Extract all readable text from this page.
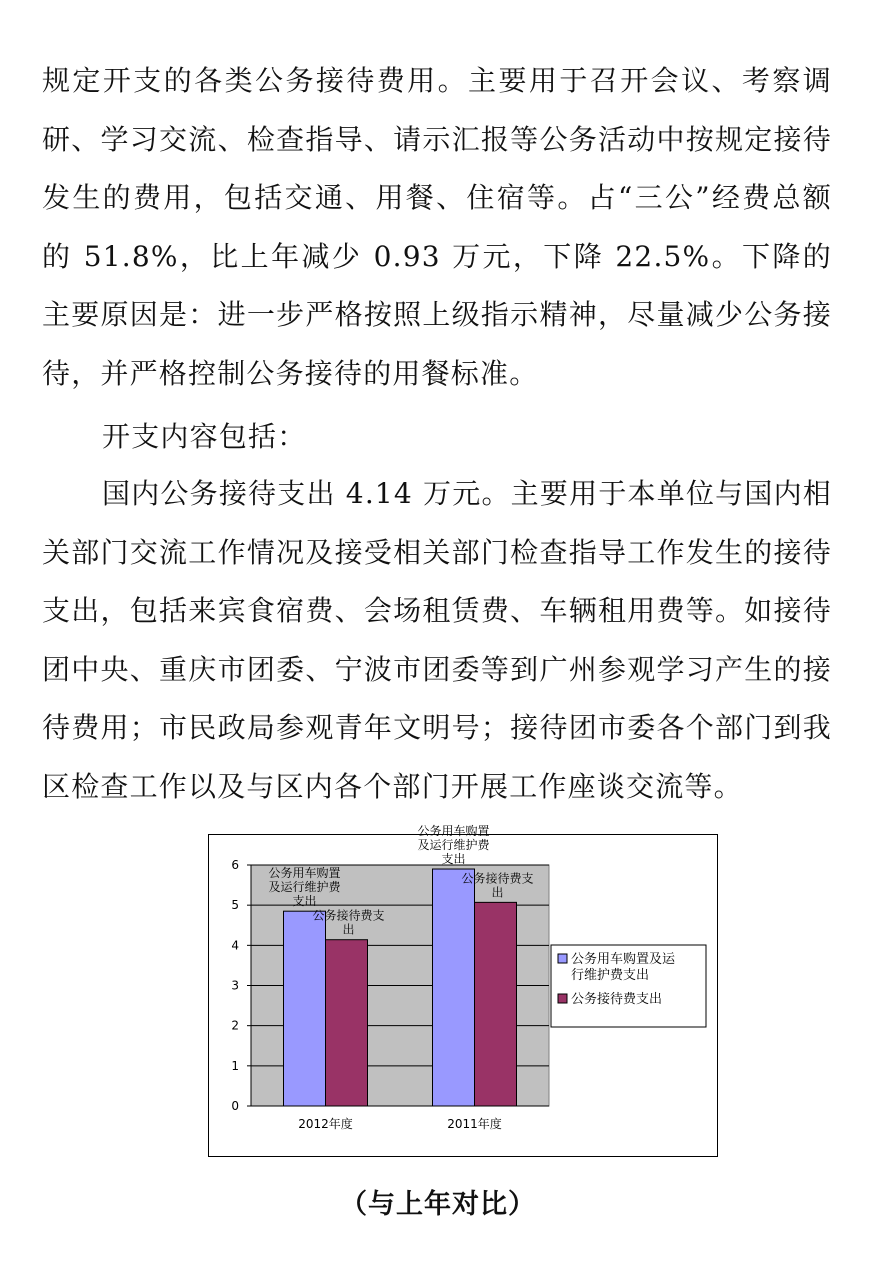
规定开支的各类公务接待费用。主要用于召开会议、考察调研、学习交流、检查指导、请示汇报等公务活动中按规定接待发生的费用，包括交通、用餐、住宿等。占“三公”经费总额的 51.8%，比上年减少 0.93 万元，下降 22.5%。下降的主要原因是：进一步严格按照上级指示精神，尽量减少公务接待，并严格控制公务接待的用餐标准。

开支内容包括：

国内公务接待支出 4.14 万元。主要用于本单位与国内相关部门交流工作情况及接受相关部门检查指导工作发生的接待支出，包括来宾食宿费、会场租赁费、车辆租用费等。如接待团中央、重庆市团委、宁波市团委等到广州参观学习产生的接待费用；市民政局参观青年文明号；接待团市委各个部门到我区检查工作以及与区内各个部门开展工作座谈交流等。

0
1
2
3
4
5
6
公务用车购置
及运行维护费
支出
公务接待费支
出
2012年度
公务用车购置
及运行维护费
支出
公务接待费支
出
2011年度
公务用车购置及运
行维护费支出
公务接待费支出
（与上年对比）
